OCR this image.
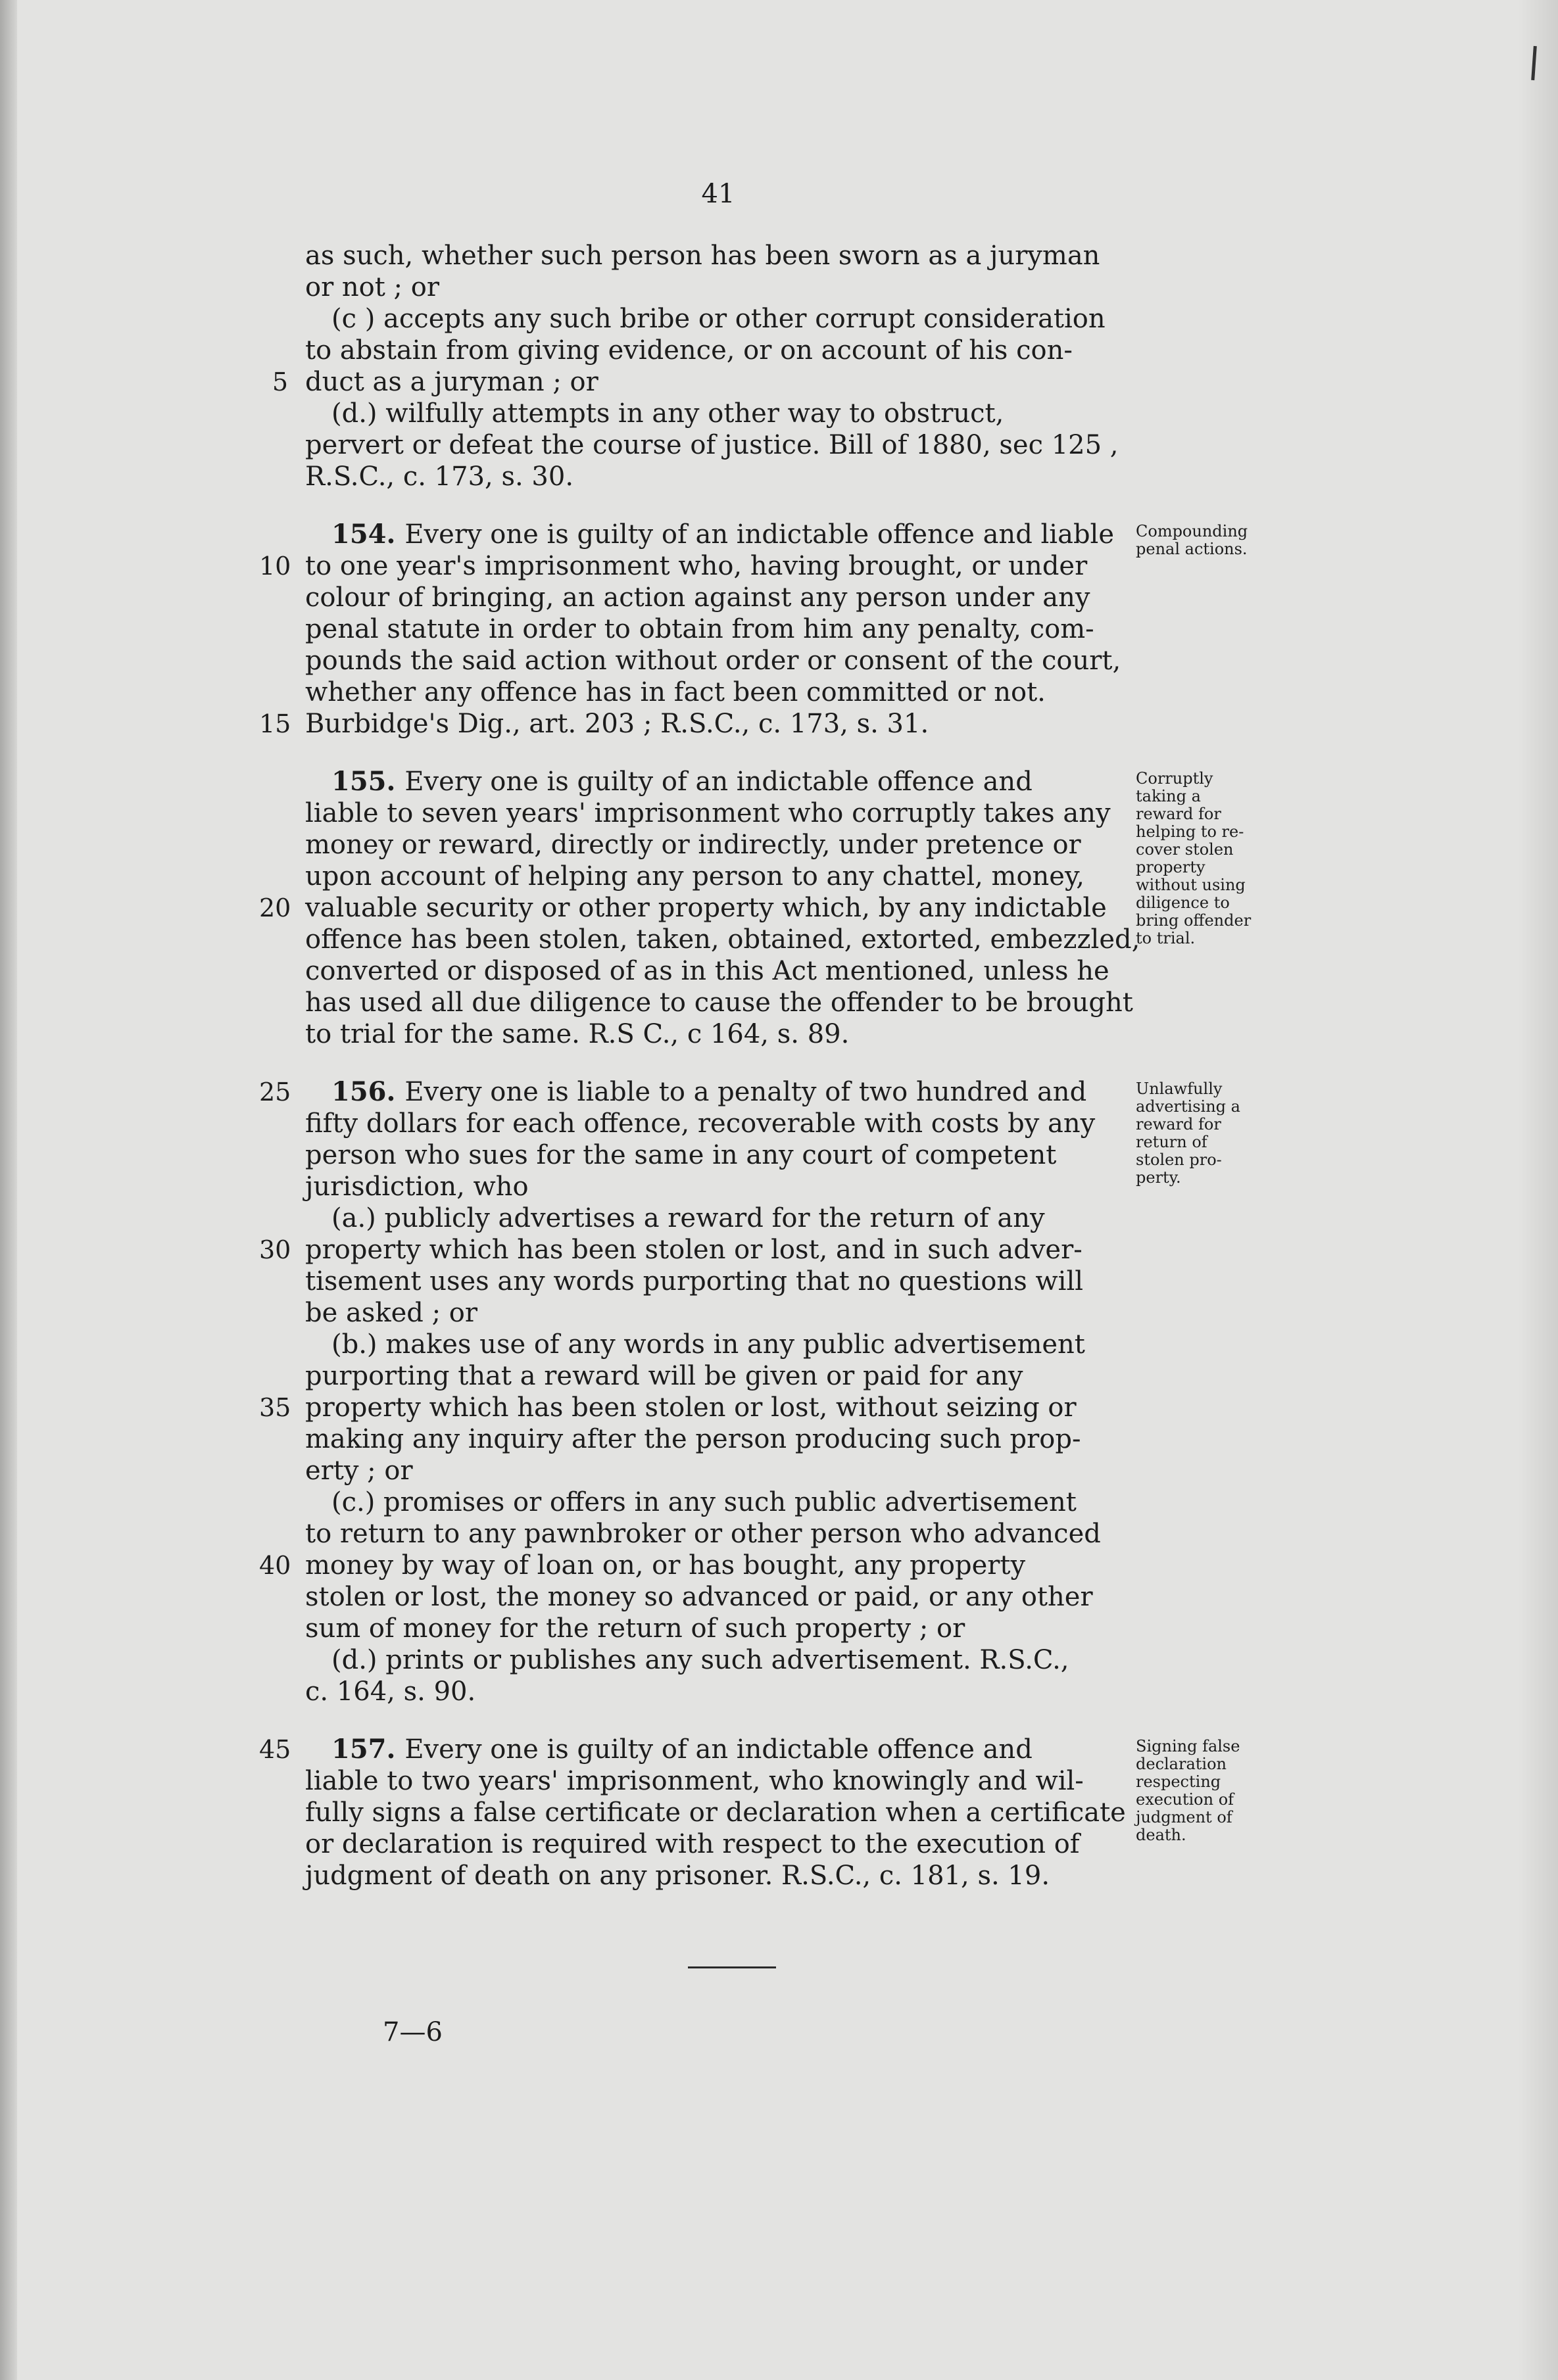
41
as such, whether such person has been sworn as a juryman
or not ; or
(c ) accepts any such bribe or other corrupt consideration
to abstain from giving evidence, or on account of his con-
5 duct as a juryman ; or
(d.) wilfully attempts in any other way to obstruct,
pervert or defeat the course of justice. Bill of 1880, sec 125 ,
R.S.C., c. 173, s. 30.
154. Every one is guilty of an indictable offence and liable
10 to one year's imprisonment who, having brought, or under
colour of bringing, an action against any person under any
penal statute in order to obtain from him any penalty, com-
pounds the said action without order or consent of the court,
whether any offence has in fact been committed or not.
15 Burbidge's Dig., art. 203 ; R.S.C., c. 173, s. 31.
155. Every one is guilty of an indictable offence and
liable to seven years' imprisonment who corruptly takes any
money or reward, directly or indirectly, under pretence or
upon account of helping any person to any chattel, money,
20 valuable security or other property which, by any indictable
offence has been stolen, taken, obtained, extorted, embezzled,
converted or disposed of as in this Act mentioned, unless he
has used all due diligence to cause the offender to be brought
to trial for the same. R.S C., c 164, s. 89.
25 156. Every one is liable to a penalty of two hundred and
fifty dollars for each offence, recoverable with costs by any
person who sues for the same in any court of competent
jurisdiction, who
(a.) publicly advertises a reward for the return of any
30 property which has been stolen or lost, and in such adver-
tisement uses any words purporting that no questions will
be asked ; or
(b.) makes use of any words in any public advertisement
purporting that a reward will be given or paid for any
35 property which has been stolen or lost, without seizing or
making any inquiry after the person producing such prop-
erty ; or
(c.) promises or offers in any such public advertisement
to return to any pawnbroker or other person who advanced
40 money by way of loan on, or has bought, any property
stolen or lost, the money so advanced or paid, or any other
sum of money for the return of such property ; or
(d.) prints or publishes any such advertisement. R.S.C.,
c. 164, s. 90.
45 157. Every one is guilty of an indictable offence and
liable to two years' imprisonment, who knowingly and wil-
fully signs a false certificate or declaration when a certificate
or declaration is required with respect to the execution of
judgment of death on any prisoner. R.S.C., c. 181, s. 19.
Compounding
penal actions.
Corruptly
taking a
reward for
helping to re-
cover stolen
property
without using
diligence to
bring offender
to trial.
Unlawfully
advertising a
reward for
return of
stolen pro-
perty.
Signing false
declaration
respecting
execution of
judgment of
death.
7—6
